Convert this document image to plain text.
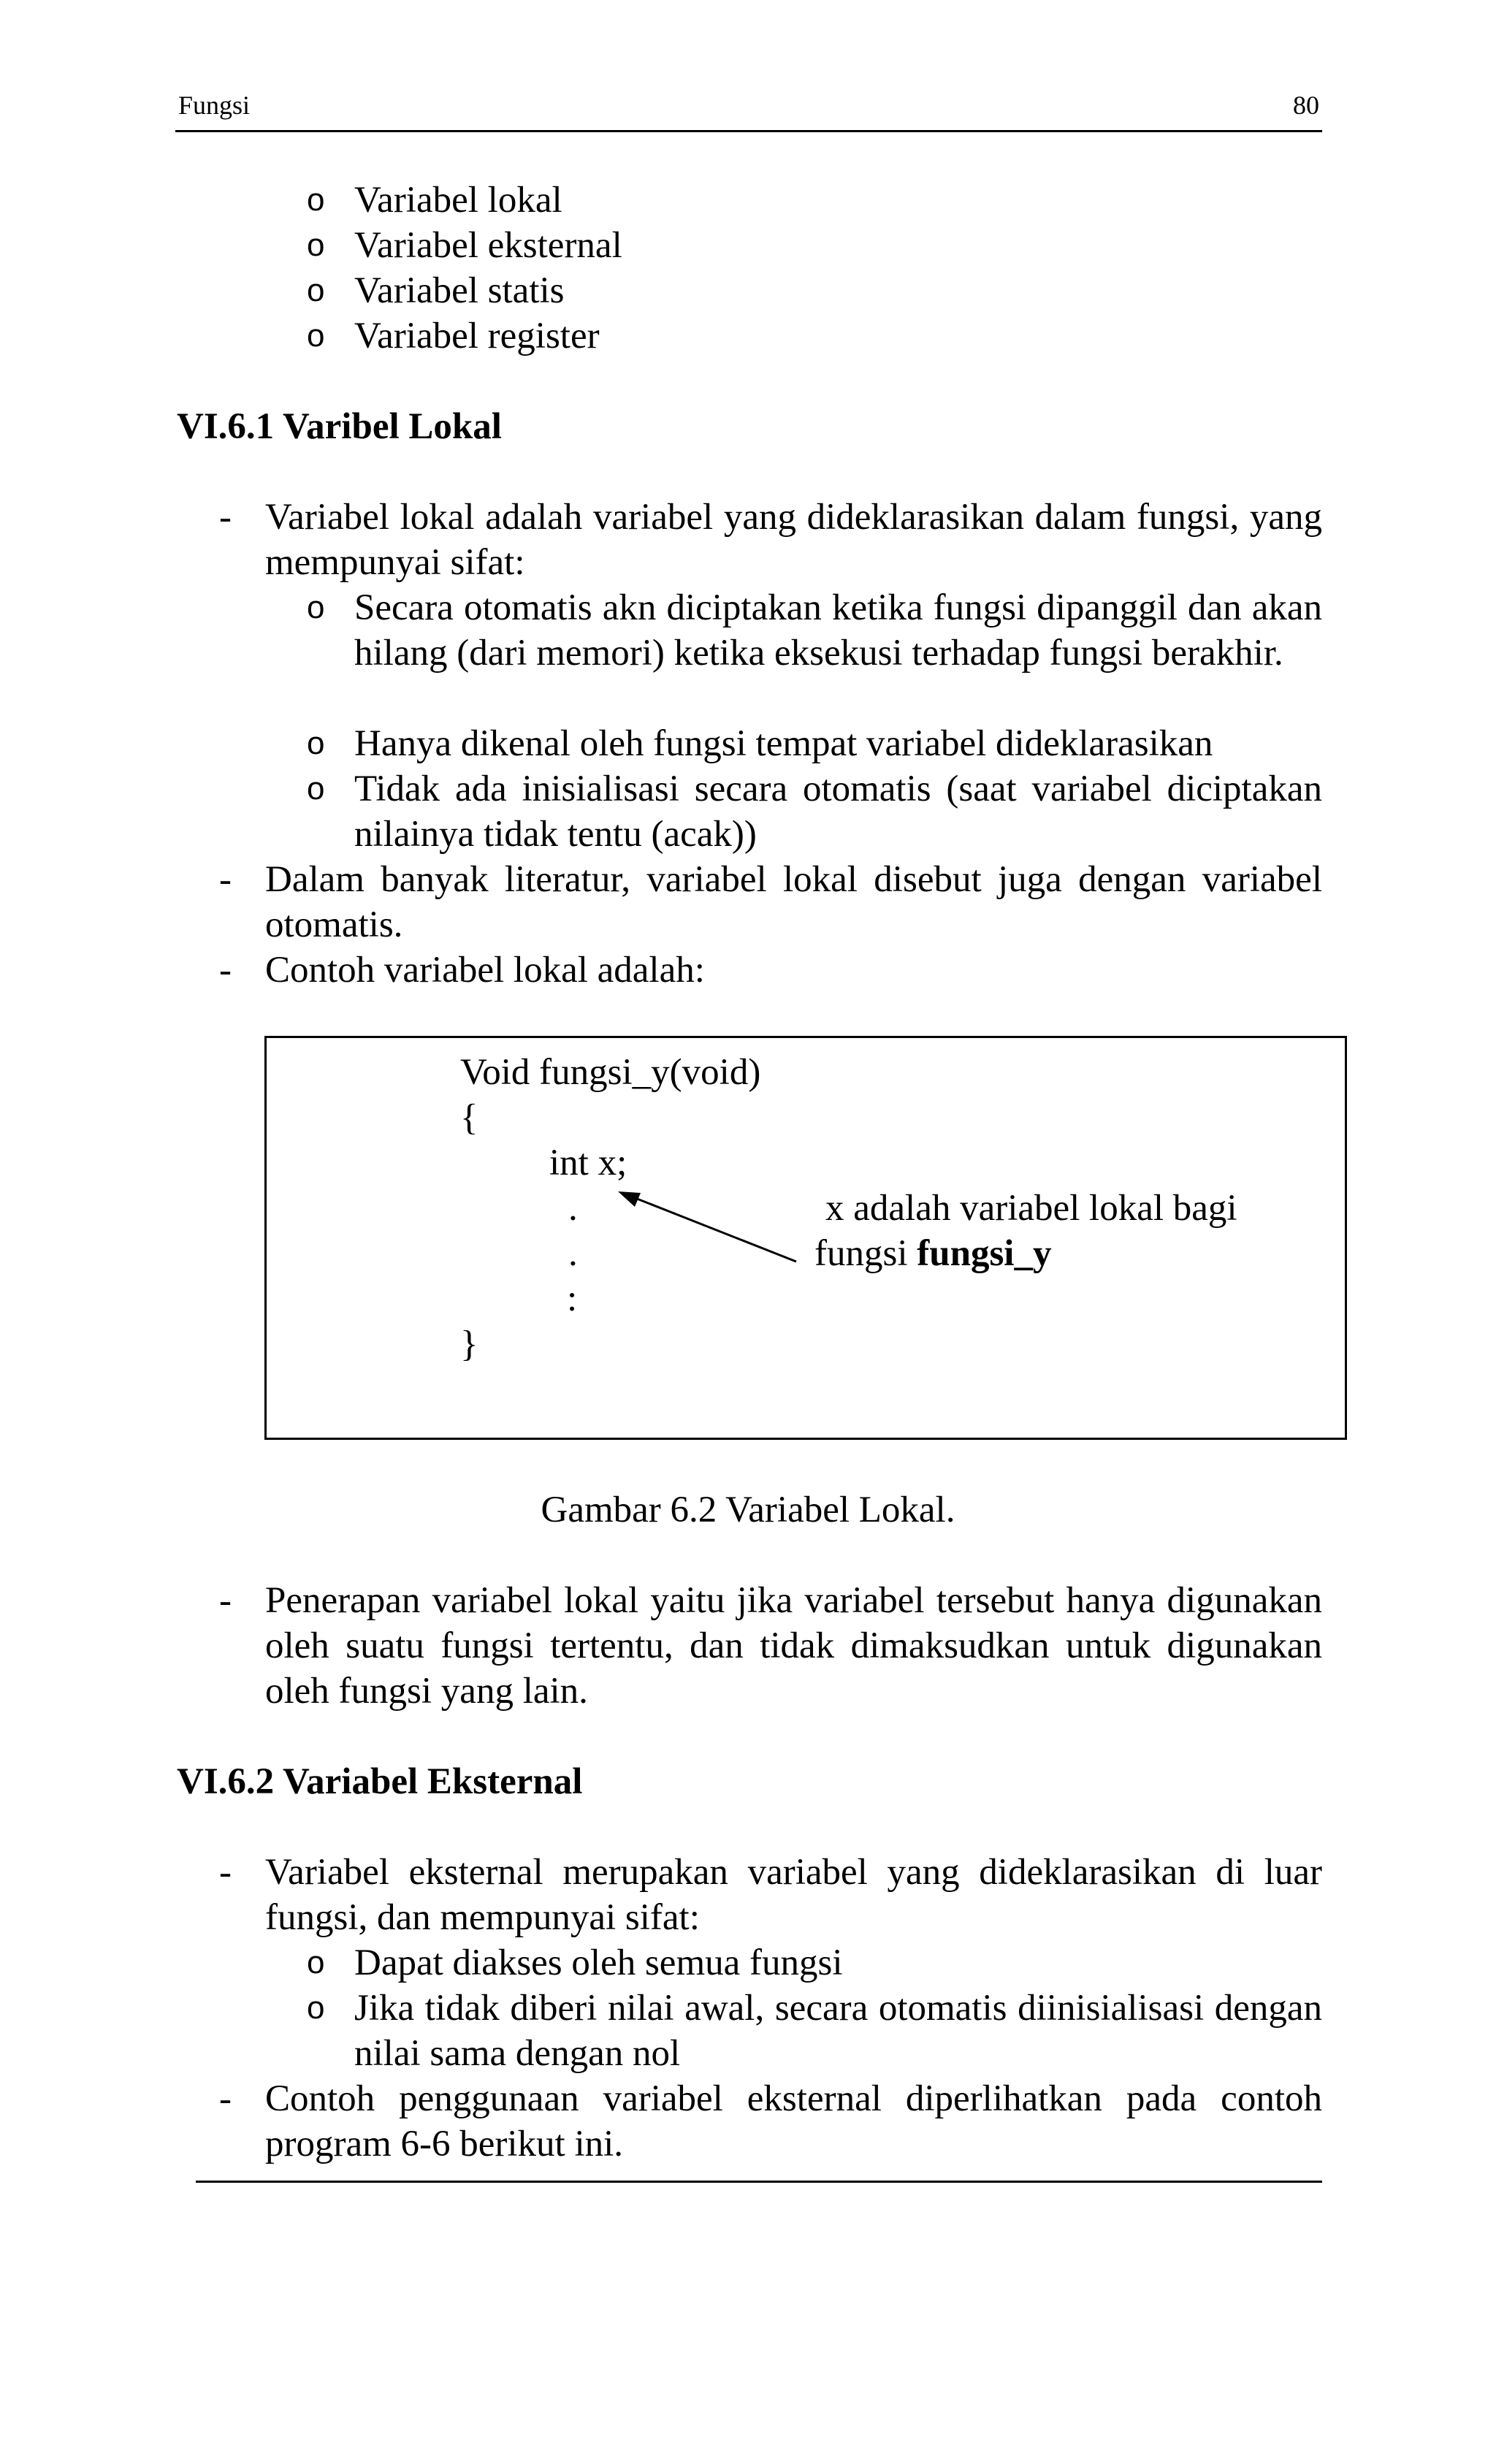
Fungsi	80
o Variabel lokal
o Variabel eksternal
o Variabel statis
o Variabel register
VI.6.1 Varibel Lokal
- Variabel lokal adalah variabel yang dideklarasikan dalam fungsi, yang mempunyai sifat:
o Secara otomatis akn diciptakan ketika fungsi dipanggil dan akan hilang (dari memori) ketika eksekusi terhadap fungsi berakhir.
o Hanya dikenal oleh fungsi tempat variabel dideklarasikan
o Tidak ada inisialisasi secara otomatis (saat variabel diciptakan nilainya tidak tentu (acak))
- Dalam banyak literatur, variabel lokal disebut juga dengan variabel otomatis.
- Contoh variabel lokal adalah:
Void fungsi_y(void)
{
int x;
.
.
:
}
x adalah variabel lokal bagi
fungsi fungsi_y
Gambar 6.2 Variabel Lokal.
- Penerapan variabel lokal yaitu jika variabel tersebut hanya digunakan oleh suatu fungsi tertentu, dan tidak dimaksudkan untuk digunakan oleh fungsi yang lain.
VI.6.2 Variabel Eksternal
- Variabel eksternal merupakan variabel yang dideklarasikan di luar fungsi, dan mempunyai sifat:
o Dapat diakses oleh semua fungsi
o Jika tidak diberi nilai awal, secara otomatis diinisialisasi dengan nilai sama dengan nol
- Contoh penggunaan variabel eksternal diperlihatkan pada contoh program 6-6 berikut ini.
